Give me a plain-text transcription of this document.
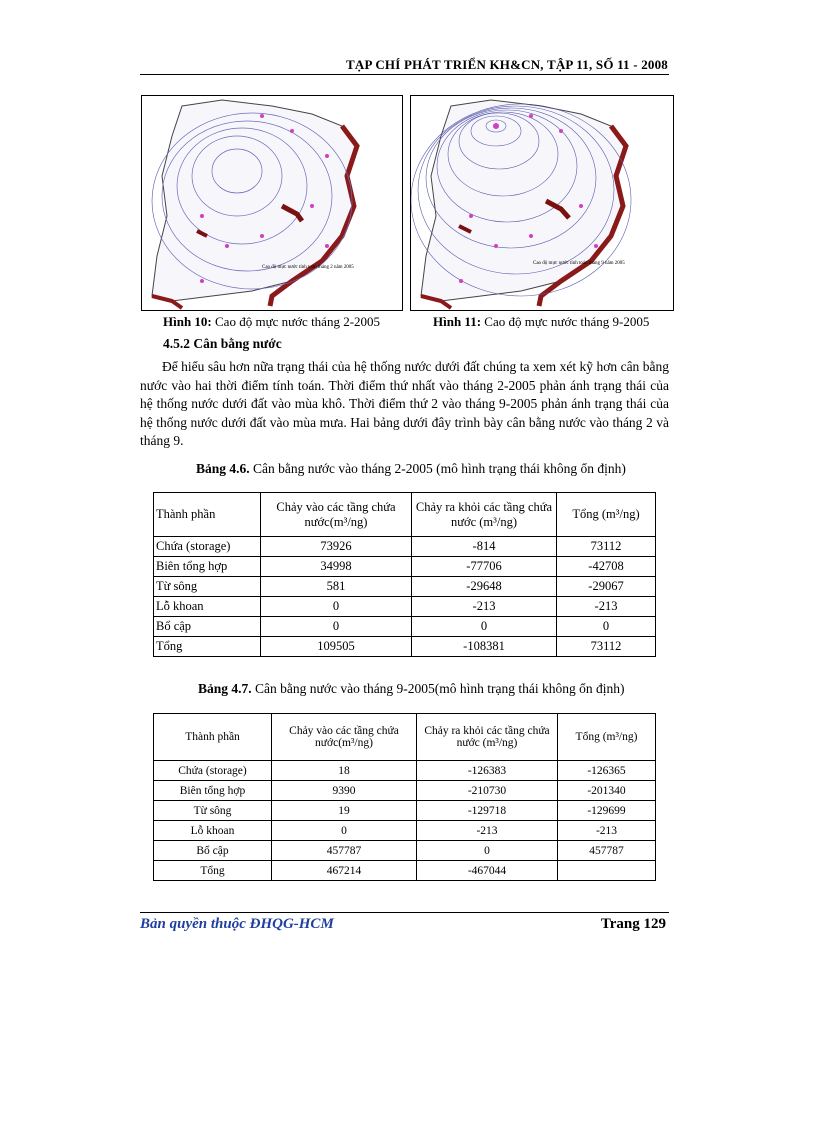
TẠP CHÍ PHÁT TRIỂN KH&CN, TẬP 11, SỐ 11 - 2008
Cao độ mực nước tính toán tháng 2 năm 2005
Cao độ mực nước tính toán tháng 9 năm 2005
Hình 10: Cao độ mực nước tháng 2-2005	Hình 11: Cao độ mực nước tháng 9-2005
4.5.2 Cân bằng nước
Để hiểu sâu hơn nữa trạng thái của hệ thống nước dưới đất chúng ta xem xét kỹ hơn cân bằng nước vào hai thời điểm tính toán. Thời điểm thứ nhất vào tháng 2-2005 phản ánh trạng thái của hệ thống nước dưới đất vào mùa khô. Thời điểm thứ 2 vào tháng 9-2005 phản ánh trạng thái của hệ thống nước dưới đất vào mùa mưa. Hai bảng dưới đây trình bày cân bằng nước vào tháng 2 và tháng 9.
Bảng 4.6. Cân bằng nước vào tháng 2-2005 (mô hình trạng thái không ổn định)
Thành phần	Chảy vào các tầng chứa nước(m³/ng)	Chảy ra khỏi các tầng chứa nước (m³/ng)	Tổng (m³/ng)
Chứa (storage)	73926	-814	73112
Biên tổng hợp	34998	-77706	-42708
Từ sông	581	-29648	-29067
Lỗ khoan	0	-213	-213
Bổ cập	0	0	0
Tổng	109505	-108381	73112
Bảng 4.7. Cân bằng nước vào tháng 9-2005(mô hình trạng thái không ổn định)
Thành phần	Chảy vào các tầng chứa nước(m³/ng)	Chảy ra khỏi các tầng chứa nước (m³/ng)	Tổng (m³/ng)
Chứa (storage)	18	-126383	-126365
Biên tổng hợp	9390	-210730	-201340
Từ sông	19	-129718	-129699
Lỗ khoan	0	-213	-213
Bổ cập	457787	0	457787
Tổng	467214	-467044	
Bản quyền thuộc ĐHQG-HCM	Trang 129
